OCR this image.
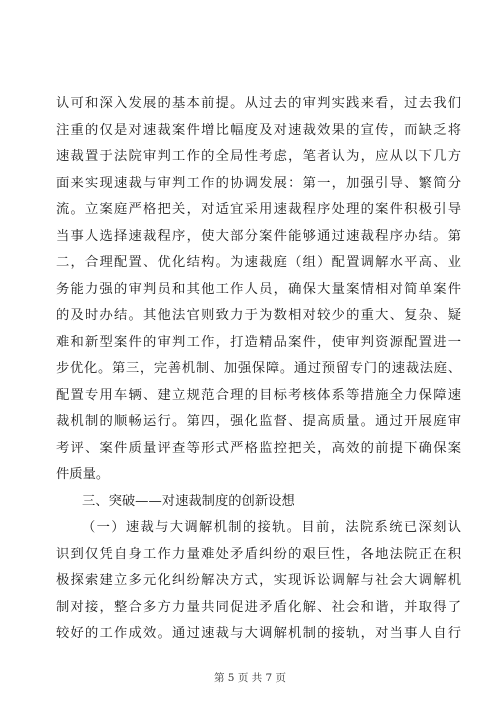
认可和深入发展的基本前提。从过去的审判实践来看，过去我们
注重的仅是对速裁案件增比幅度及对速裁效果的宣传，而缺乏将
速裁置于法院审判工作的全局性考虑，笔者认为，应从以下几方
面来实现速裁与审判工作的协调发展：第一，加强引导、繁简分
流。立案庭严格把关，对适宜采用速裁程序处理的案件积极引导
当事人选择速裁程序，使大部分案件能够通过速裁程序办结。第
二，合理配置、优化结构。为速裁庭（组）配置调解水平高、业
务能力强的审判员和其他工作人员，确保大量案情相对简单案件
的及时办结。其他法官则致力于为数相对较少的重大、复杂、疑
难和新型案件的审判工作，打造精品案件，使审判资源配置进一
步优化。第三，完善机制、加强保障。通过预留专门的速裁法庭、
配置专用车辆、建立规范合理的目标考核体系等措施全力保障速
裁机制的顺畅运行。第四，强化监督、提高质量。通过开展庭审
考评、案件质量评查等形式严格监控把关，高效的前提下确保案
件质量。
三、突破——对速裁制度的创新设想
（一）速裁与大调解机制的接轨。目前，法院系统已深刻认
识到仅凭自身工作力量难处矛盾纠纷的艰巨性，各地法院正在积
极探索建立多元化纠纷解决方式，实现诉讼调解与社会大调解机
制对接，整合多方力量共同促进矛盾化解、社会和谐，并取得了
较好的工作成效。通过速裁与大调解机制的接轨，对当事人自行
第 5 页 共 7 页
